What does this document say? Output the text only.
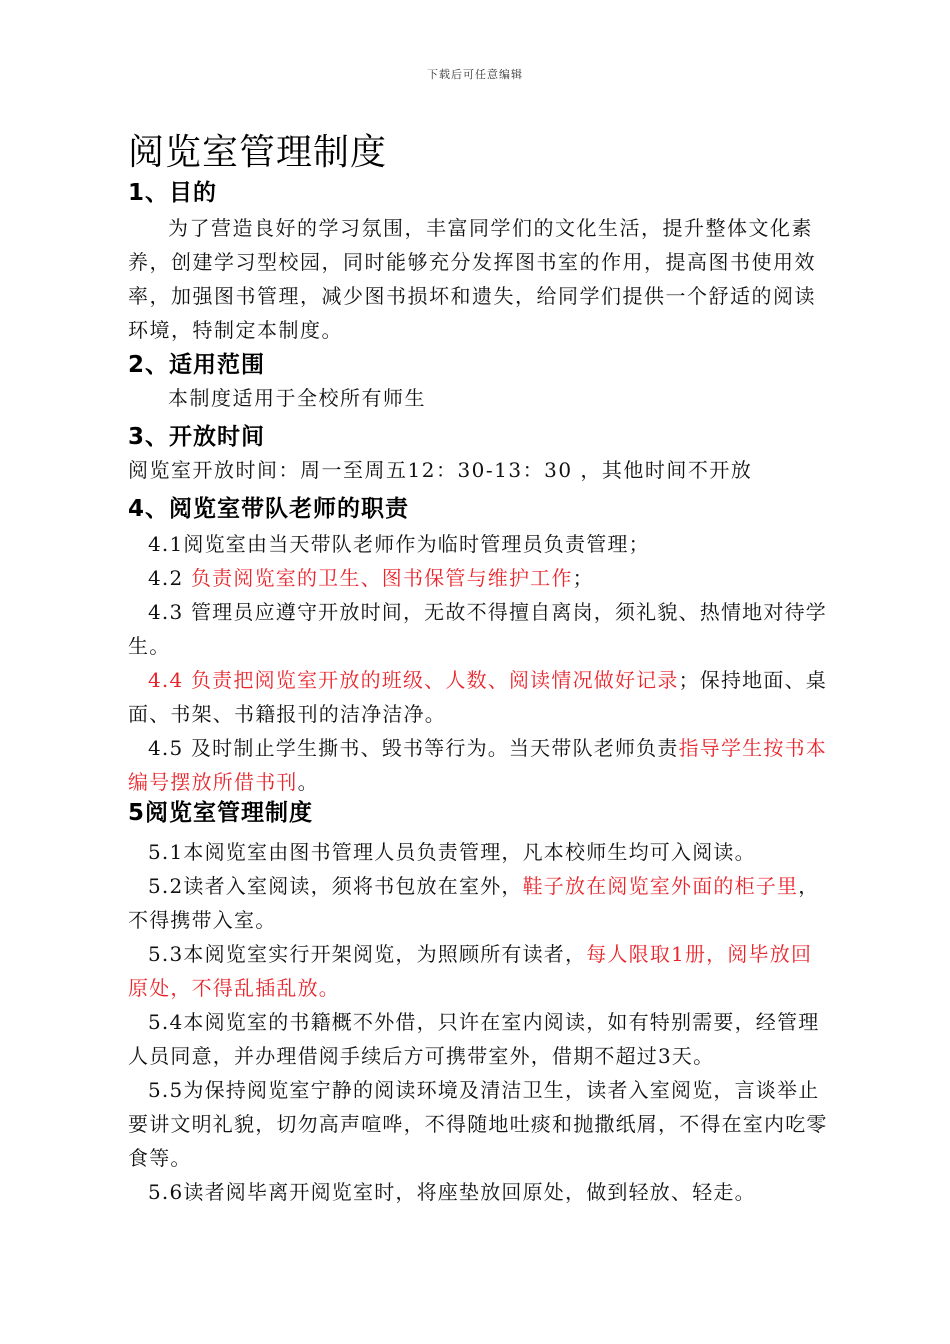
下载后可任意编辑
阅览室管理制度
1、目的

为了营造良好的学习氛围，丰富同学们的文化生活，提升整体文化素养，创建学习型校园，同时能够充分发挥图书室的作用，提高图书使用效率，加强图书管理，减少图书损坏和遗失，给同学们提供一个舒适的阅读环境，特制定本制度。

2、适用范围

本制度适用于全校所有师生

3、开放时间

阅览室开放时间：周一至周五12：30-13：30 ，其他时间不开放

4、阅览室带队老师的职责

4.1阅览室由当天带队老师作为临时管理员负责管理；

4.2 负责阅览室的卫生、图书保管与维护工作；

4.3 管理员应遵守开放时间，无故不得擅自离岗，须礼貌、热情地对待学生。

4.4 负责把阅览室开放的班级、人数、阅读情况做好记录；保持地面、桌面、书架、书籍报刊的洁净洁净。

4.5 及时制止学生撕书、毁书等行为。当天带队老师负责指导学生按书本编号摆放所借书刊。

5阅览室管理制度

5.1本阅览室由图书管理人员负责管理，凡本校师生均可入阅读。

5.2读者入室阅读，须将书包放在室外，鞋子放在阅览室外面的柜子里，不得携带入室。

5.3本阅览室实行开架阅览，为照顾所有读者，每人限取1册，阅毕放回原处，不得乱插乱放。

5.4本阅览室的书籍概不外借，只许在室内阅读，如有特别需要，经管理人员同意，并办理借阅手续后方可携带室外，借期不超过3天。

5.5为保持阅览室宁静的阅读环境及清洁卫生，读者入室阅览，言谈举止要讲文明礼貌，切勿高声喧哗，不得随地吐痰和抛撒纸屑，不得在室内吃零食等。

5.6读者阅毕离开阅览室时，将座垫放回原处，做到轻放、轻走。
